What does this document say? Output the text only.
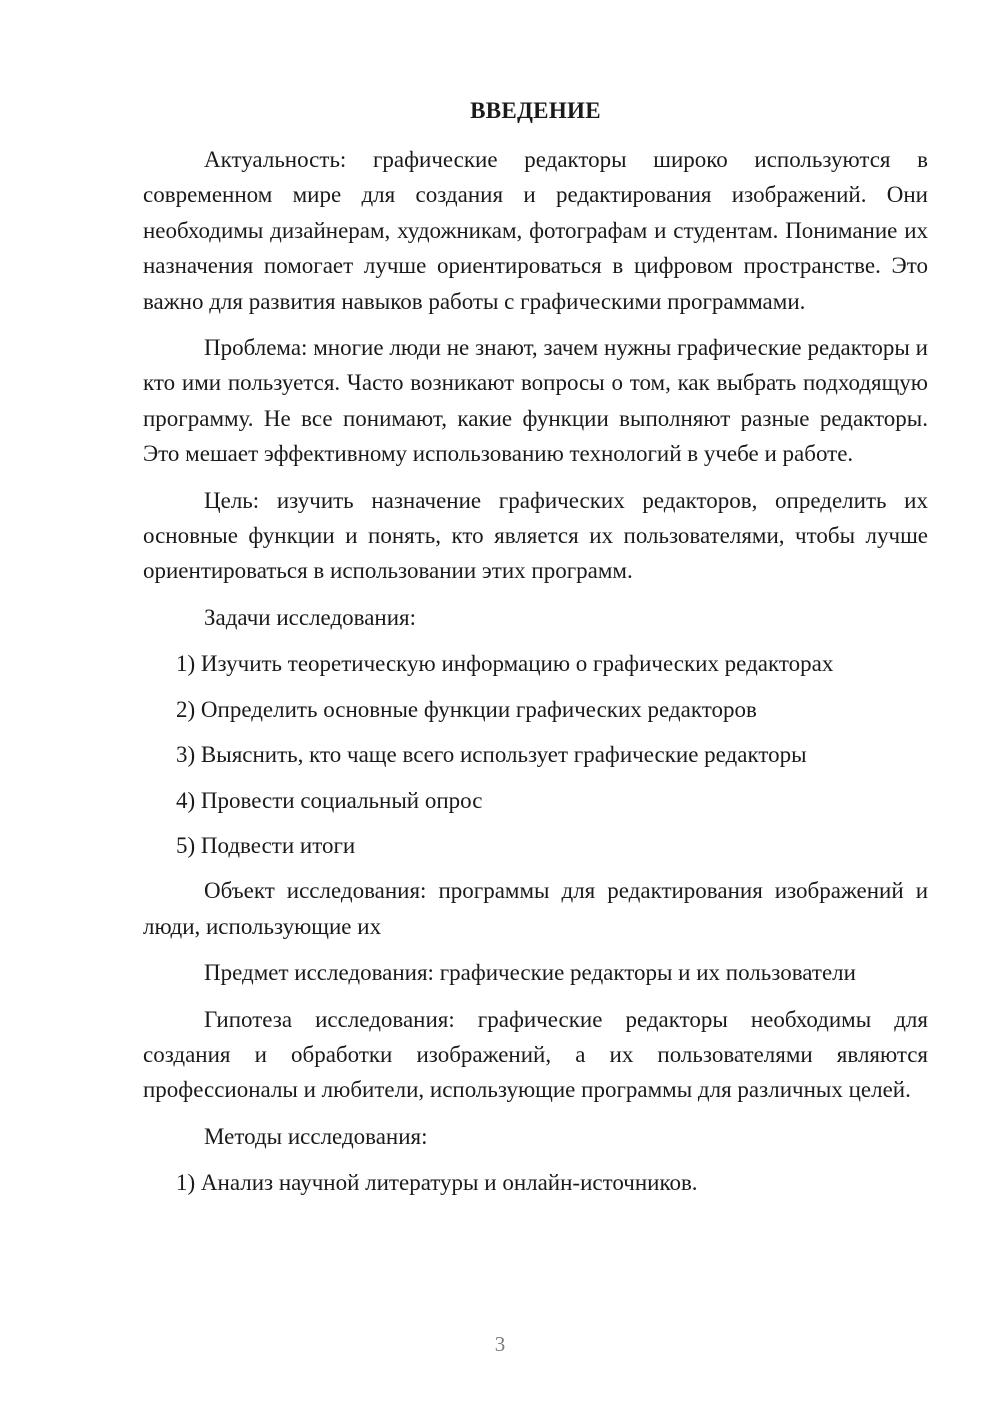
ВВЕДЕНИЕ

Актуальность: графические редакторы широко используются в современном мире для создания и редактирования изображений. Они необходимы дизайнерам, художникам, фотографам и студентам. Понимание их назначения помогает лучше ориентироваться в цифровом пространстве. Это важно для развития навыков работы с графическими программами.

Проблема: многие люди не знают, зачем нужны графические редакторы и кто ими пользуется. Часто возникают вопросы о том, как выбрать подходящую программу. Не все понимают, какие функции выполняют разные редакторы. Это мешает эффективному использованию технологий в учебе и работе.

Цель: изучить назначение графических редакторов, определить их основные функции и понять, кто является их пользователями, чтобы лучше ориентироваться в использовании этих программ.

Задачи исследования:

1) Изучить теоретическую информацию о графических редакторах
2) Определить основные функции графических редакторов
3) Выяснить, кто чаще всего использует графические редакторы
4) Провести социальный опрос
5) Подвести итоги

Объект исследования: программы для редактирования изображений и люди, использующие их

Предмет исследования: графические редакторы и их пользователи

Гипотеза исследования: графические редакторы необходимы для создания и обработки изображений, а их пользователями являются профессионалы и любители, использующие программы для различных целей.

Методы исследования:

1) Анализ научной литературы и онлайн-источников.
3
